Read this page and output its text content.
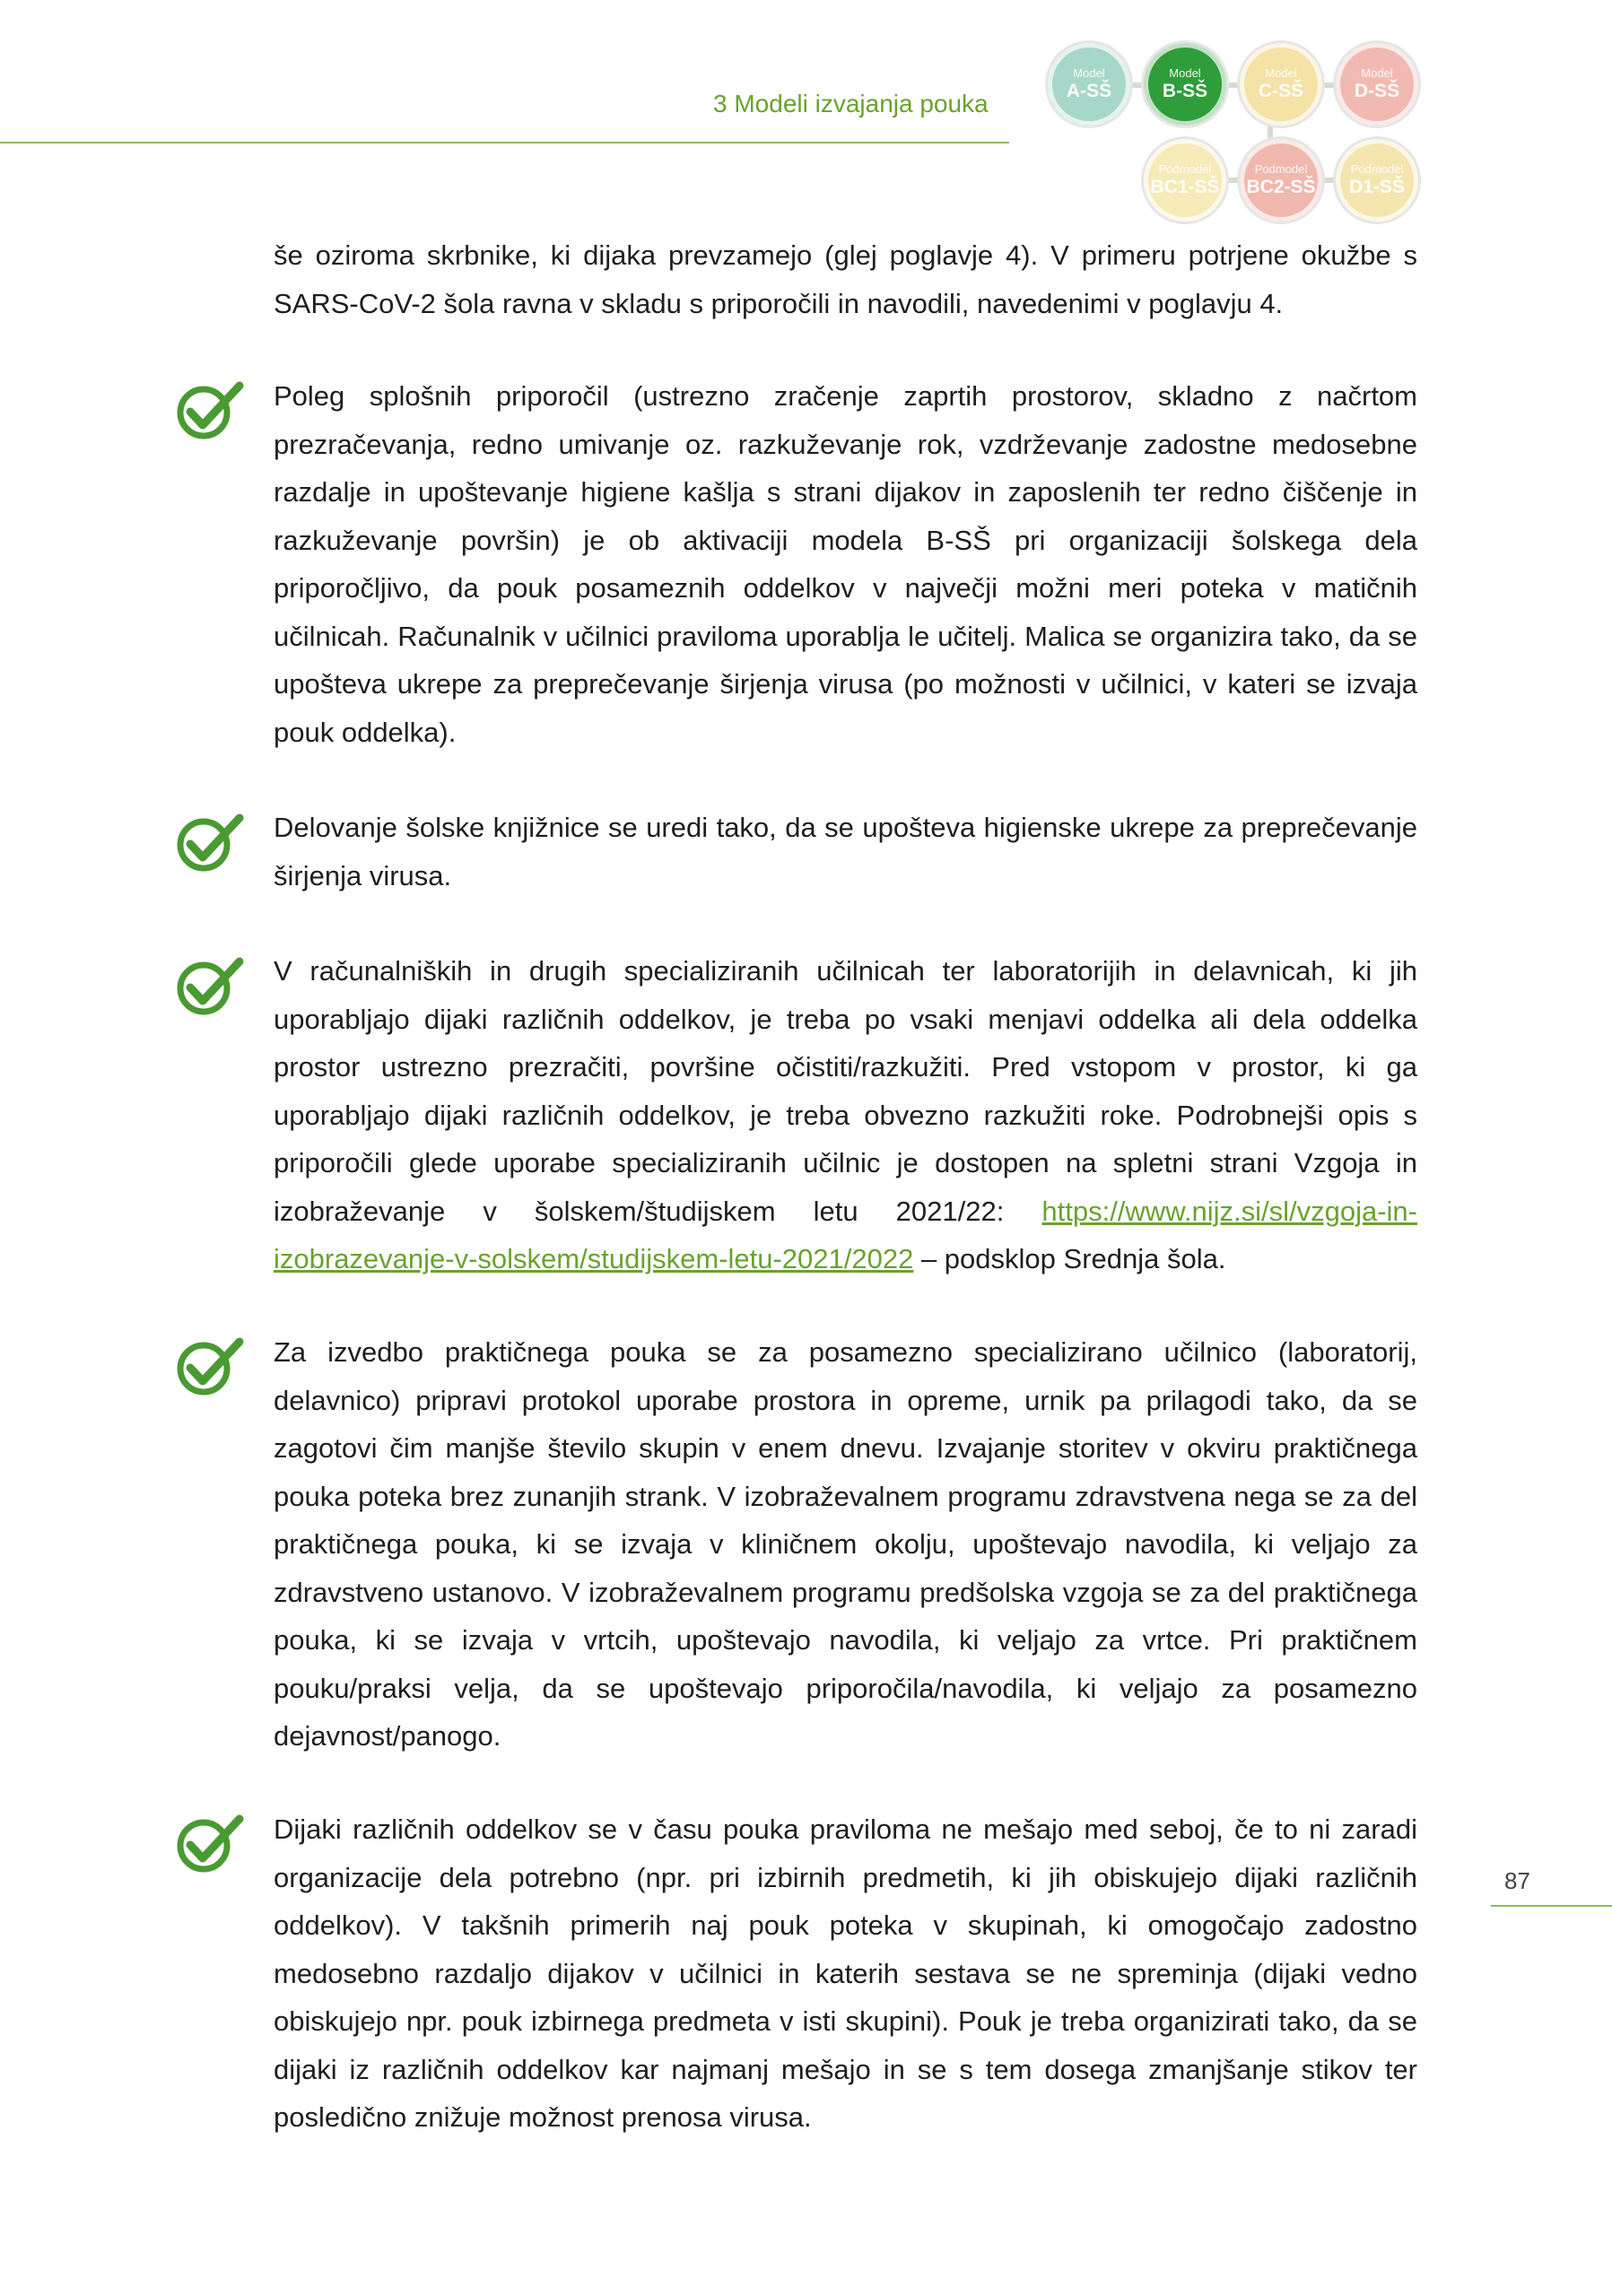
3 Modeli izvajanja pouka
Model
A-SŠ
Model
B-SŠ
Model
C-SŠ
Model
D-SŠ
Podmodel
BC1-SŠ
Podmodel
BC2-SŠ
Podmodel
D1-SŠ
še oziroma skrbnike, ki dijaka prevzamejo (glej poglavje 4). V primeru potrjene okužbe s SARS-CoV-2 šola ravna v skladu s priporočili in navodili, navedenimi v poglavju 4.
Poleg splošnih priporočil (ustrezno zračenje zaprtih prostorov, skladno z načrtom prezračevanja, redno umivanje oz. razkuževanje rok, vzdrževanje zadostne medosebne razdalje in upoštevanje higiene kašlja s strani dijakov in zaposlenih ter redno čiščenje in razkuževanje površin) je ob aktivaciji modela B-SŠ pri organizaciji šolskega dela priporočljivo, da pouk posameznih oddelkov v največji možni meri poteka v matičnih učilnicah. Računalnik v učilnici praviloma uporablja le učitelj. Malica se organizira tako, da se upošteva ukrepe za preprečevanje širjenja virusa (po možnosti v učilnici, v kateri se izvaja pouk oddelka).
Delovanje šolske knjižnice se uredi tako, da se upošteva higienske ukrepe za preprečevanje širjenja virusa.
V računalniških in drugih specializiranih učilnicah ter laboratorijih in delavnicah, ki jih uporabljajo dijaki različnih oddelkov, je treba po vsaki menjavi oddelka ali dela oddelka prostor ustrezno prezračiti, površine očistiti/razkužiti. Pred vstopom v prostor, ki ga uporabljajo dijaki različnih oddelkov, je treba obvezno razkužiti roke. Podrobnejši opis s priporočili glede uporabe specializiranih učilnic je dostopen na spletni strani Vzgoja in izobraževanje v šolskem/študijskem letu 2021/22: https://www.nijz.si/sl/vzgoja-in-izobrazevanje-v-solskem/studijskem-letu-2021/2022 – podsklop Srednja šola.
Za izvedbo praktičnega pouka se za posamezno specializirano učilnico (laboratorij, delavnico) pripravi protokol uporabe prostora in opreme, urnik pa prilagodi tako, da se zagotovi čim manjše število skupin v enem dnevu. Izvajanje storitev v okviru praktičnega pouka poteka brez zunanjih strank. V izobraževalnem programu zdravstvena nega se za del praktičnega pouka, ki se izvaja v kliničnem okolju, upoštevajo navodila, ki veljajo za zdravstveno ustanovo. V izobraževalnem programu predšolska vzgoja se za del praktičnega pouka, ki se izvaja v vrtcih, upoštevajo navodila, ki veljajo za vrtce. Pri praktičnem pouku/praksi velja, da se upoštevajo priporočila/navodila, ki veljajo za posamezno dejavnost/panogo.
Dijaki različnih oddelkov se v času pouka praviloma ne mešajo med seboj, če to ni zaradi organizacije dela potrebno (npr. pri izbirnih predmetih, ki jih obiskujejo dijaki različnih oddelkov). V takšnih primerih naj pouk poteka v skupinah, ki omogočajo zadostno medosebno razdaljo dijakov v učilnici in katerih sestava se ne spreminja (dijaki vedno obiskujejo npr. pouk izbirnega predmeta v isti skupini). Pouk je treba organizirati tako, da se dijaki iz različnih oddelkov kar najmanj mešajo in se s tem dosega zmanjšanje stikov ter posledično znižuje možnost prenosa virusa.
87
